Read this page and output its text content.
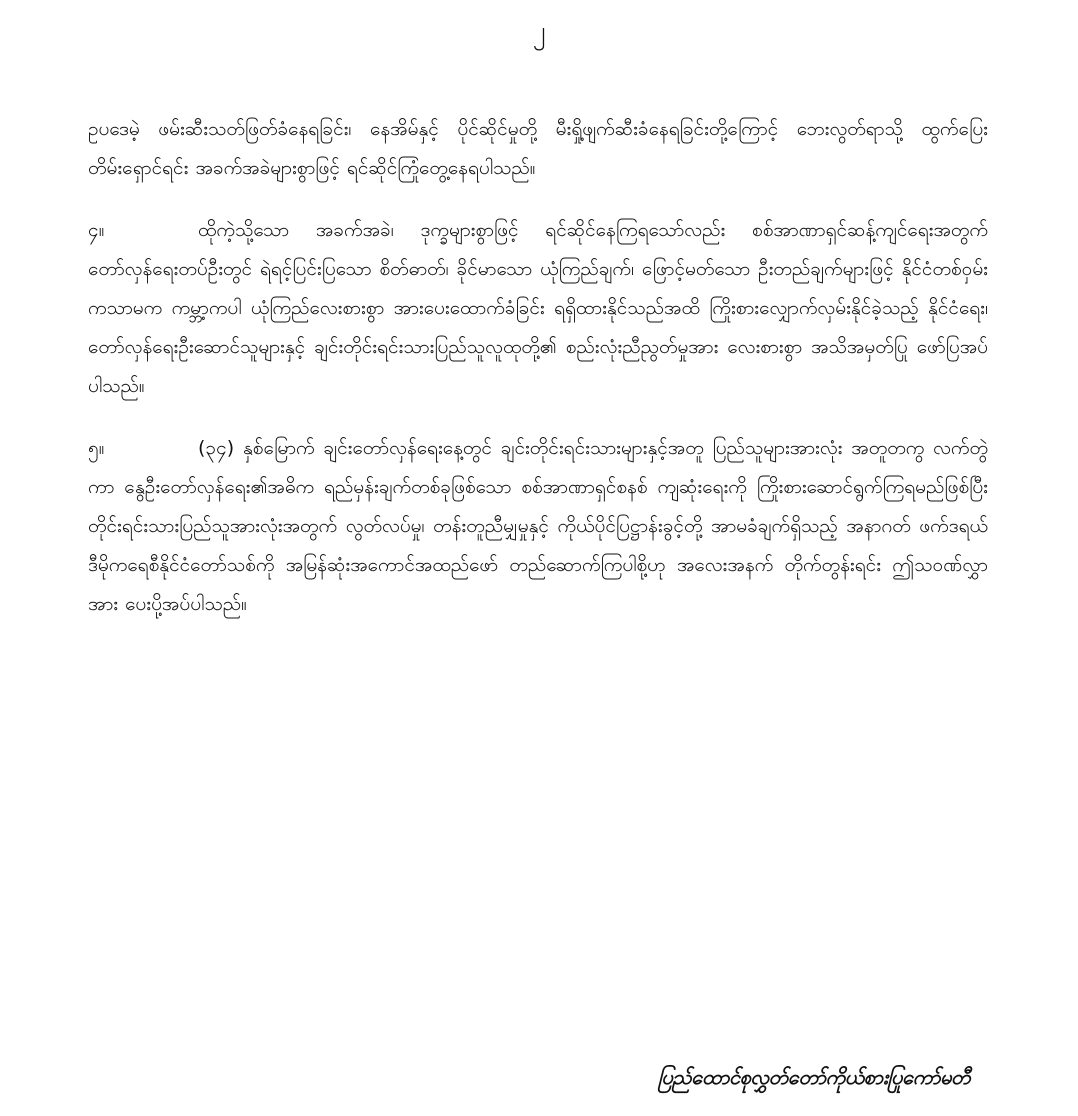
၂

ဥပဒေမဲ့ ဖမ်းဆီးသတ်ဖြတ်ခံနေရခြင်း၊ နေအိမ်နှင့် ပိုင်ဆိုင်မှုတို့ မီးရှို့ဖျက်ဆီးခံနေရခြင်းတို့ကြောင့် ဘေးလွတ်ရာသို့ ထွက်ပြေးတိမ်းရှောင်ရင်း အခက်အခဲများစွာဖြင့် ရင်ဆိုင်ကြုံတွေ့နေရပါသည်။

၄။	ထိုကဲ့သို့သော အခက်အခဲ၊ ဒုက္ခများစွာဖြင့် ရင်ဆိုင်နေကြရသော်လည်း စစ်အာဏာရှင်ဆန့်ကျင်ရေးအတွက် တော်လှန်ရေးတပ်ဦးတွင် ရဲရင့်ပြင်းပြသော စိတ်ဓာတ်၊ ခိုင်မာသော ယုံကြည်ချက်၊ ဖြောင့်မတ်သော ဦးတည်ချက်များဖြင့် နိုင်ငံတစ်ဝှမ်းကသာမက ကမ္ဘာ့ကပါ ယုံကြည်လေးစားစွာ အားပေးထောက်ခံခြင်း ရရှိထားနိုင်သည်အထိ ကြိုးစားလျှောက်လှမ်းနိုင်ခဲ့သည့် နိုင်ငံရေး၊ တော်လှန်ရေးဦးဆောင်သူများနှင့် ချင်းတိုင်းရင်းသားပြည်သူလူထုတို့၏ စည်းလုံးညီညွတ်မှုအား လေးစားစွာ အသိအမှတ်ပြု ဖော်ပြအပ်ပါသည်။

၅။	(၃၄) နှစ်မြောက် ချင်းတော်လှန်ရေးနေ့တွင် ချင်းတိုင်းရင်းသားများနှင့်အတူ ပြည်သူများအားလုံး အတူတကွ လက်တွဲကာ နွေဦးတော်လှန်ရေး၏အဓိက ရည်မှန်းချက်တစ်ခုဖြစ်သော စစ်အာဏာရှင်စနစ် ကျဆုံးရေးကို ကြိုးစားဆောင်ရွက်ကြရမည်ဖြစ်ပြီး တိုင်းရင်းသားပြည်သူအားလုံးအတွက် လွတ်လပ်မှု၊ တန်းတူညီမျှမှုနှင့် ကိုယ်ပိုင်ပြဋ္ဌာန်းခွင့်တို့ အာမခံချက်ရှိသည့် အနာဂတ် ဖက်ဒရယ်ဒီမိုကရေစီနိုင်ငံတော်သစ်ကို အမြန်ဆုံးအကောင်အထည်ဖော် တည်ဆောက်ကြပါစို့ဟု အလေးအနက် တိုက်တွန်းရင်း ဤသဝဏ်လွှာအား ပေးပို့အပ်ပါသည်။

ပြည်ထောင်စုလွှတ်တော်ကိုယ်စားပြုကော်မတီ
